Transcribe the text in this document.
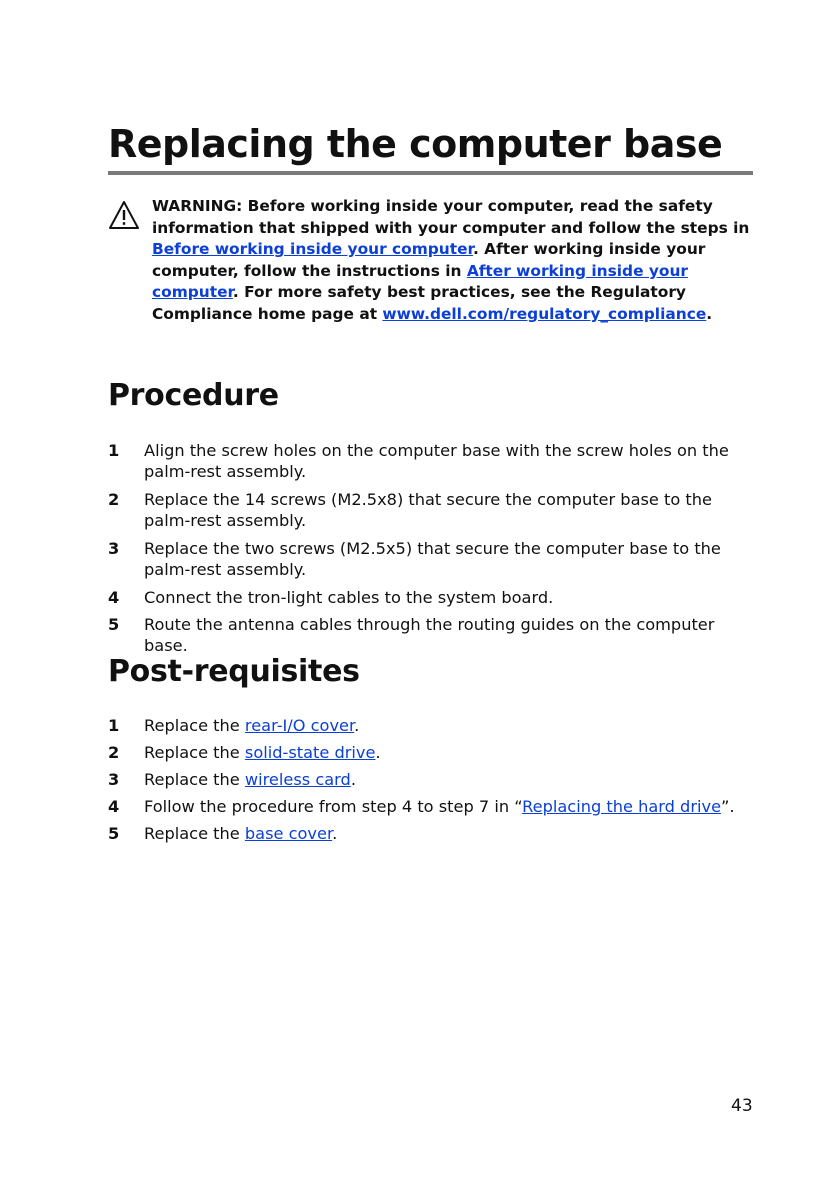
Replacing the computer base
WARNING: Before working inside your computer, read the safety information that shipped with your computer and follow the steps in Before working inside your computer. After working inside your computer, follow the instructions in After working inside your computer. For more safety best practices, see the Regulatory Compliance home page at www.dell.com/regulatory_compliance.
Procedure
1 Align the screw holes on the computer base with the screw holes on the palm-rest assembly.
2 Replace the 14 screws (M2.5x8) that secure the computer base to the palm-rest assembly.
3 Replace the two screws (M2.5x5) that secure the computer base to the palm-rest assembly.
4 Connect the tron-light cables to the system board.
5 Route the antenna cables through the routing guides on the computer base.
Post-requisites
1 Replace the rear-I/O cover.
2 Replace the solid-state drive.
3 Replace the wireless card.
4 Follow the procedure from step 4 to step 7 in “Replacing the hard drive”.
5 Replace the base cover.
43
